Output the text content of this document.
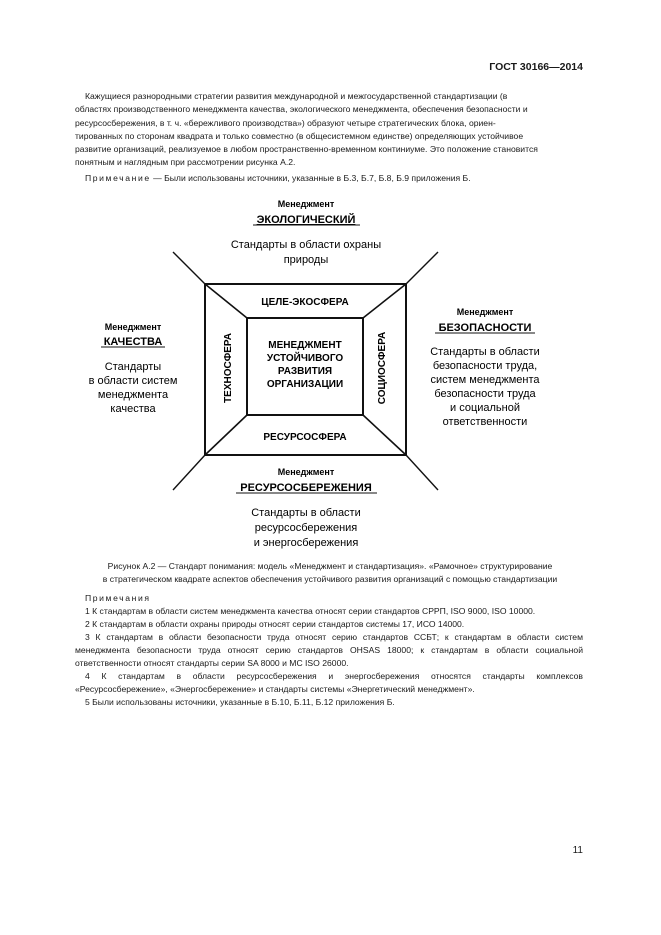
ГОСТ 30166—2014

Кажущиеся разнородными стратегии развития международной и межгосударственной стандартизации (в

областях производственного менеджмента качества, экологического менеджмента, обеспечения безопасности и
ресурсосбережения, в т. ч. «бережливого производства») образуют четыре стратегических блока, ориен-
тированных по сторонам квадрата и только совместно (в общесистемном единстве) определяющих устойчивое
развитие организаций, реализуемое в любом пространственно-временном континиуме. Это положение становится
понятным и наглядным при рассмотрении рисунка А.2.
Примечание — Были использованы источники, указанные в Б.3, Б.7, Б.8, Б.9 приложения Б.
ЦЕЛЕ-ЭКОСФЕРА
РЕСУРСОСФЕРА
ТЕХНОСФЕРА	СОЦИОСФЕРА
МЕНЕДЖМЕНТ
УСТОЙЧИВОГО
РАЗВИТИЯ
ОРГАНИЗАЦИИ
Менеджмент
ЭКОЛОГИЧЕСКИЙ
Стандарты в области охраны
природы
Менеджмент
КАЧЕСТВА
Стандарты
в области систем
менеджмента
качества
Менеджмент
БЕЗОПАСНОСТИ
Стандарты в области
безопасности труда,
систем менеджмента
безопасности труда
и социальной
ответственности
Менеджмент
РЕСУРСОСБЕРЕЖЕНИЯ
Стандарты в области
ресурсосбережения
и энергосбережения
Рисунок А.2 — Стандарт понимания: модель «Менеджмент и стандартизация». «Рамочное» структурирование
в стратегическом квадрате аспектов обеспечения устойчивого развития организаций с помощью стандартизации

Примечания

1 К стандартам в области систем менеджмента качества относят серии стандартов СРРП, ISO 9000, ISO 10000.

2 К стандартам в области охраны природы относят серии стандартов системы 17, ИСО 14000.

3 К стандартам в области безопасности труда относят серию стандартов ССБТ; к стандартам в области систем менеджмента безопасности труда относят серию стандартов OHSAS 18000; к стандартам в области социальной ответственности относят стандарты серии SA 8000 и МС ISO 26000.

4 К стандартам в области ресурсосбережения и энергосбережения относятся стандарты комплексов «Ресурсосбережение», «Энергосбережение» и стандарты системы «Энергетический менеджмент».

5 Были использованы источники, указанные в Б.10, Б.11, Б.12 приложения Б.

11
